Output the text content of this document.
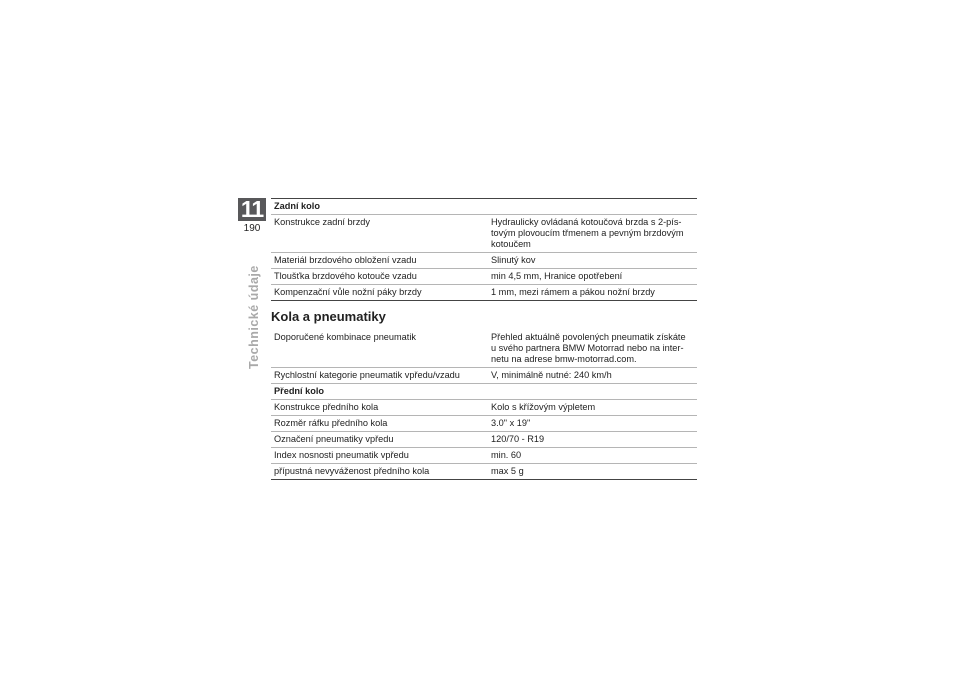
11
190
Technické údaje
Zadní kolo	
Konstrukce zadní brzdy	Hydraulicky ovládaná kotoučová brzda s 2-pís-
tovým plovoucím třmenem a pevným brzdovým
kotoučem

Materiál brzdového obložení vzadu	Slinutý kov

Tloušťka brzdového kotouče vzadu	min 4,5 mm, Hranice opotřebení

Kompenzační vůle nožní páky brzdy	1 mm, mezi rámem a pákou nožní brzdy
Kola a pneumatiky
Doporučené kombinace pneumatik	Přehled aktuálně povolených pneumatik získáte
u svého partnera BMW Motorrad nebo na inter-
netu na adrese bmw-motorrad.com.

Rychlostní kategorie pneumatik vpředu/vzadu	V, minimálně nutné: 240 km/h

Přední kolo	
Konstrukce předního kola	Kolo s křížovým výpletem

Rozměr ráfku předního kola	3.0" x 19"

Označení pneumatiky vpředu	120/70 - R19

Index nosnosti pneumatik vpředu	min. 60

přípustná nevyváženost předního kola	max 5 g
